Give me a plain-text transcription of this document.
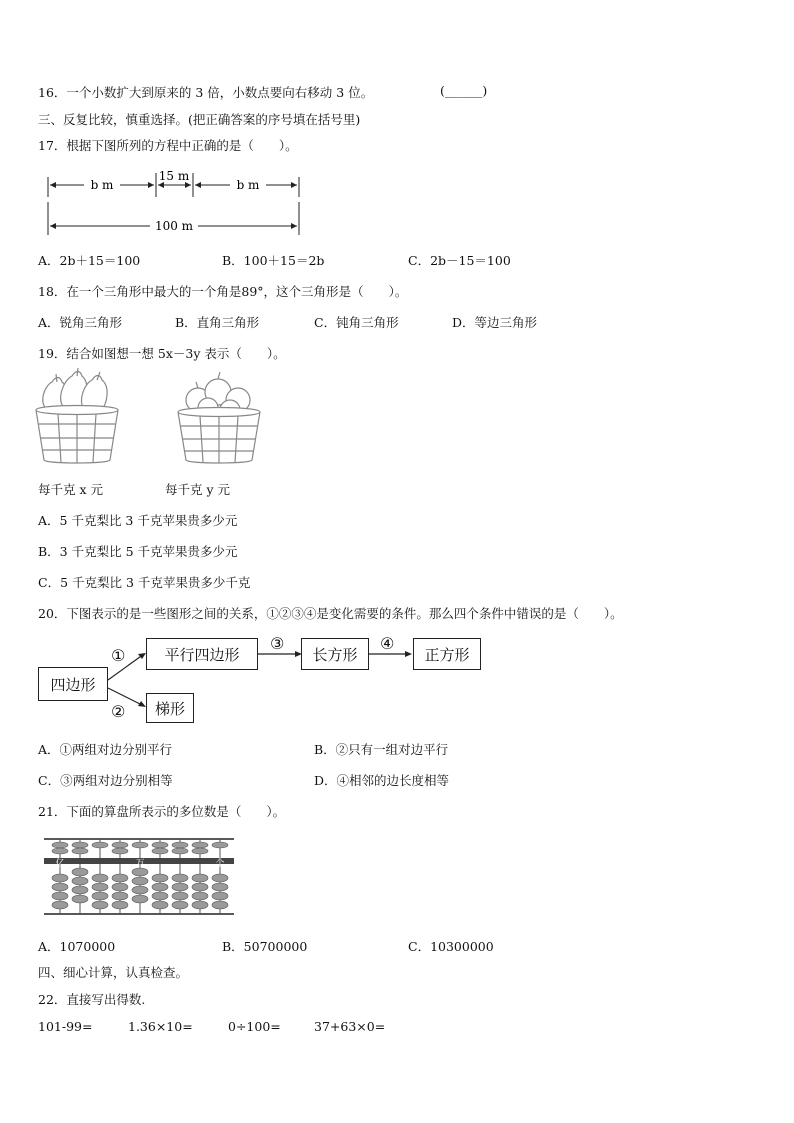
16．一个小数扩大到原来的 3 倍，小数点要向右移动 3 位。	(______)
三、反复比较，慎重选择。(把正确答案的序号填在括号里)
17．根据下图所列的方程中正确的是（　　）。
b m
15 m
b m
100 m
A．2b＋15＝100	B．100＋15＝2b	C．2b－15＝100
18．在一个三角形中最大的一个角是89°，这个三角形是（　　）。
A．锐角三角形	B．直角三角形	C．钝角三角形	D．等边三角形
19．结合如图想一想 5x－3y 表示（　　）。
每千克 x 元	每千克 y 元
A．5 千克梨比 3 千克苹果贵多少元
B．3 千克梨比 5 千克苹果贵多少元
C．5 千克梨比 3 千克苹果贵多少千克
20．下图表示的是一些图形之间的关系，①②③④是变化需要的条件。那么四个条件中错误的是（　　）。
四边形
平行四边形	长方形	正方形
梯形
①
②
③	④
A．①两组对边分别平行	B．②只有一组对边平行
C．③两组对边分别相等	D．④相邻的边长度相等
21．下面的算盘所表示的多位数是（　　）。
亿	万	个
A．1070000	B．50700000	C．10300000
四、细心计算，认真检查。
22．直接写出得数.
101-99=	1.36×10=	0÷100=	37+63×0=
